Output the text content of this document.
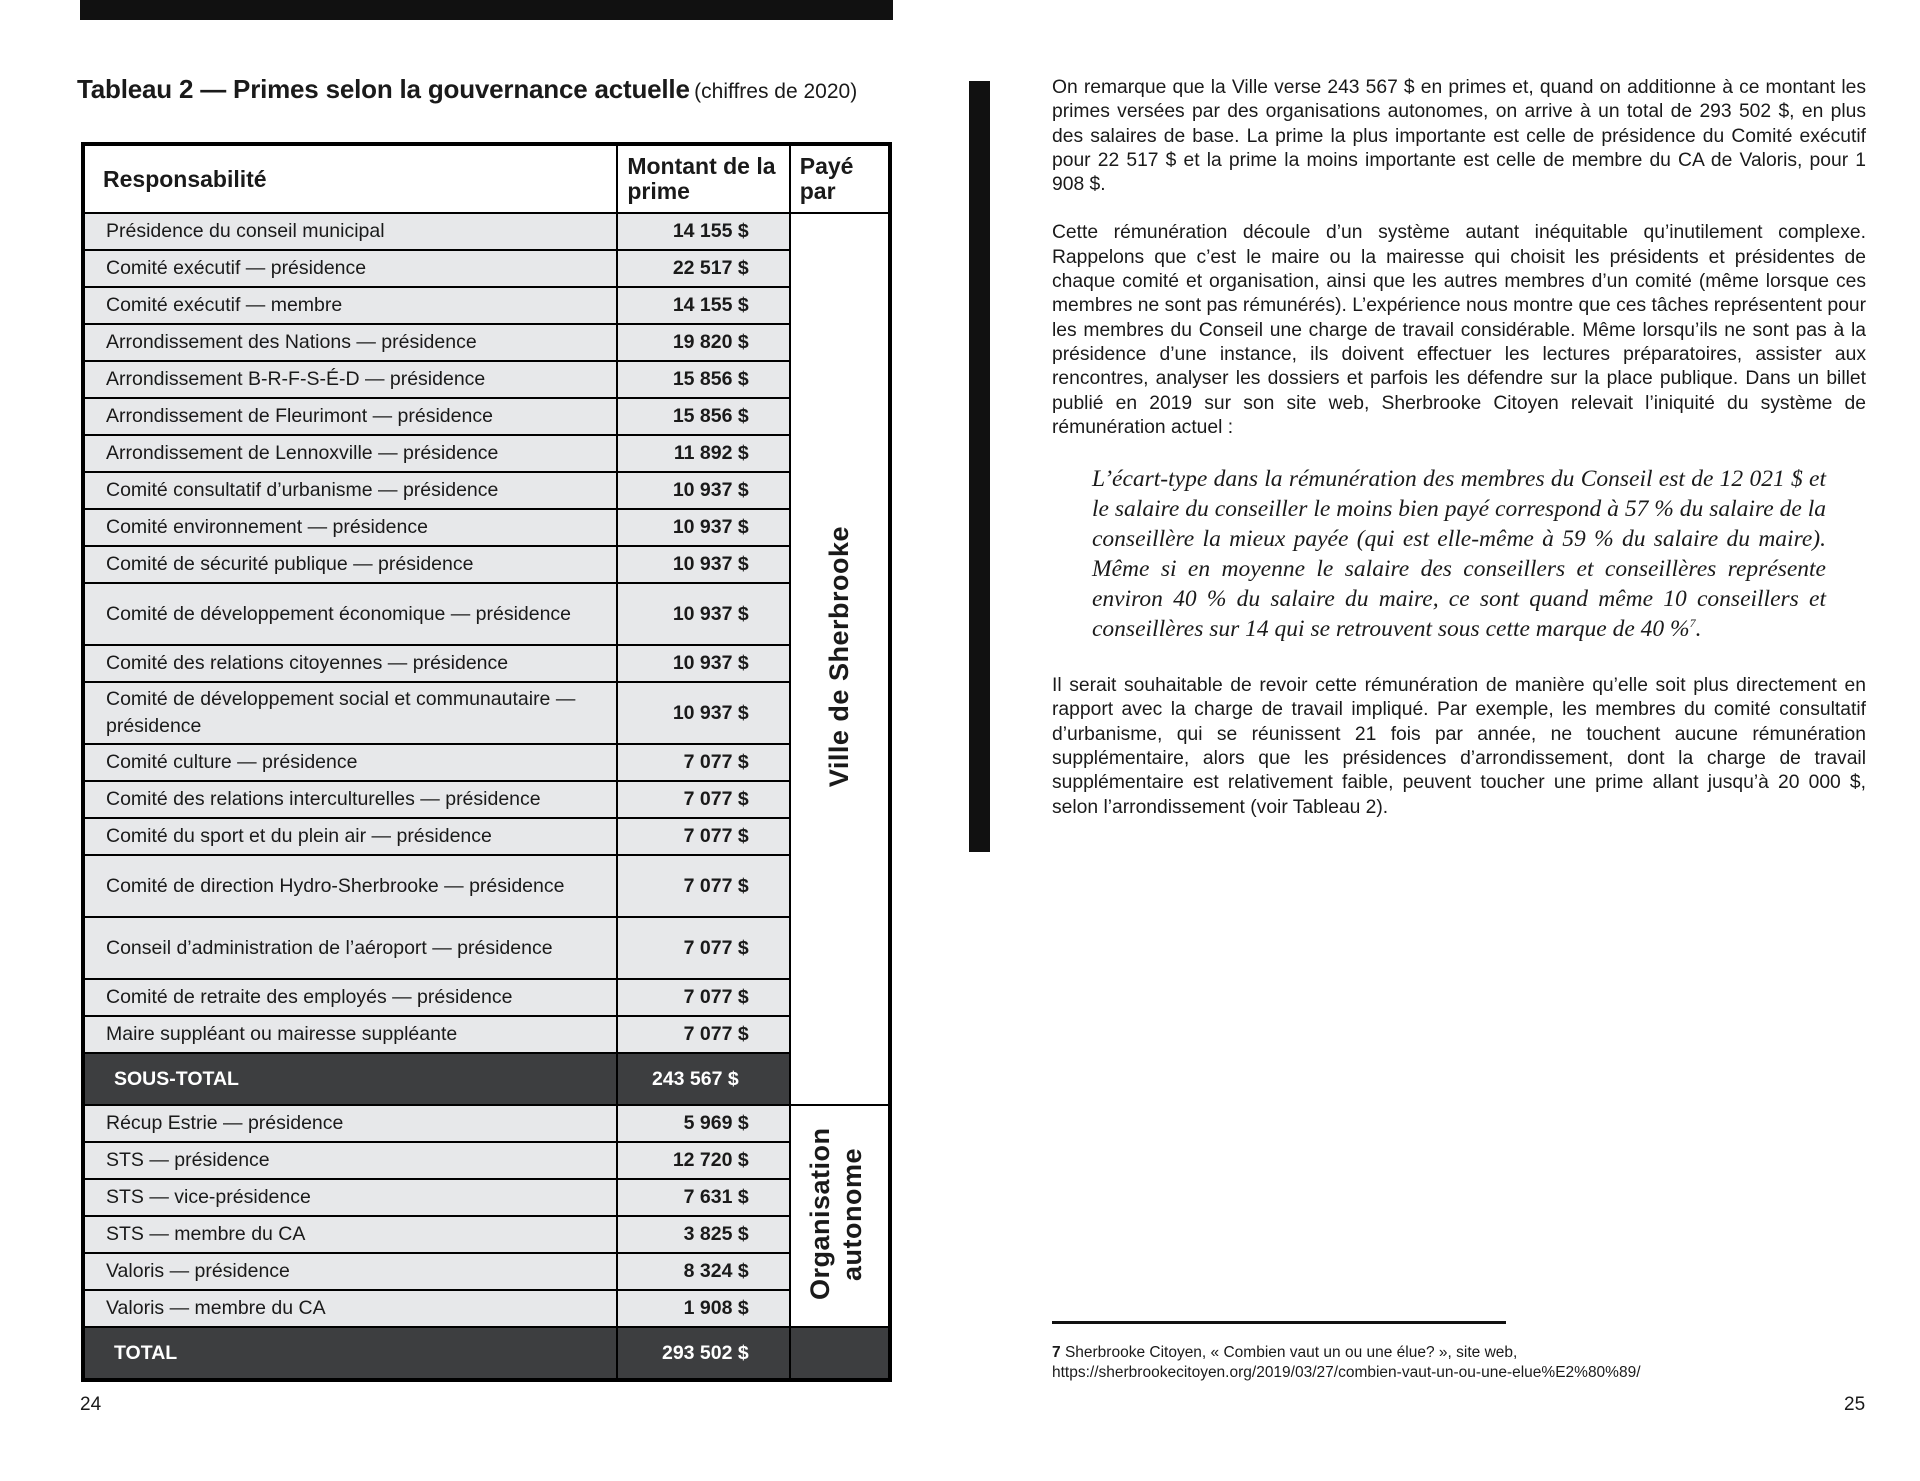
Tableau 2 — Primes selon la gouvernance actuelle (chiffres de 2020)
Responsabilité	Montant de la prime	Payé par
Présidence du conseil municipal	14 155 $	Ville de Sherbrooke
Comité exécutif — présidence	22 517 $	
Comité exécutif — membre	14 155 $	
Arrondissement des Nations — présidence	19 820 $	
Arrondissement B-R-F-S-É-D — présidence	15 856 $	
Arrondissement de Fleurimont — présidence	15 856 $	
Arrondissement de Lennoxville — présidence	11 892 $	
Comité consultatif d’urbanisme — présidence	10 937 $	
Comité environnement — présidence	10 937 $	
Comité de sécurité publique — présidence	10 937 $	
Comité de développement économique — présidence	10 937 $	
Comité des relations citoyennes — présidence	10 937 $	
Comité de développement social et communautaire — présidence	10 937 $	
Comité culture — présidence	7 077 $	
Comité des relations interculturelles — présidence	7 077 $	
Comité du sport et du plein air — présidence	7 077 $	
Comité de direction Hydro-Sherbrooke — présidence	7 077 $	
Conseil d’administration de l’aéroport — présidence	7 077 $	
Comité de retraite des employés — présidence	7 077 $	
Maire suppléant ou mairesse suppléante	7 077 $	
SOUS-TOTAL	243 567 $	
Récup Estrie — présidence	5 969 $	Organisation autonome
STS — présidence	12 720 $	
STS — vice-présidence	7 631 $	
STS — membre du CA	3 825 $	
Valoris — présidence	8 324 $	
Valoris — membre du CA	1 908 $	
TOTAL	293 502 $	
24	25

On remarque que la Ville verse 243 567 $ en primes et, quand on additionne à ce montant les primes versées par des organisations autonomes, on arrive à un total de 293 502 $, en plus des salaires de base. La prime la plus importante est celle de présidence du Comité exécutif pour 22 517 $ et la prime la moins importante est celle de membre du CA de Valoris, pour 1 908 $.

Cette rémunération découle d’un système autant inéquitable qu’inutilement complexe. Rappelons que c’est le maire ou la mairesse qui choisit les présidents et présidentes de chaque comité et organisation, ainsi que les autres membres d’un comité (même lorsque ces membres ne sont pas rémunérés). L’expérience nous montre que ces tâches représentent pour les membres du Conseil une charge de travail considérable. Même lorsqu’ils ne sont pas à la présidence d’une instance, ils doivent effectuer les lectures préparatoires, assister aux rencontres, analyser les dossiers et parfois les défendre sur la place publique. Dans un billet publié en 2019 sur son site web, Sherbrooke Citoyen relevait l’iniquité du système de rémunération actuel :

L’écart-type dans la rémunération des membres du Conseil est de 12 021 $ et le salaire du conseiller le moins bien payé correspond à 57 % du salaire de la conseillère la mieux payée (qui est elle-même à 59 % du salaire du maire). Même si en moyenne le salaire des conseillers et conseillères représente environ 40 % du salaire du maire, ce sont quand même 10 conseillers et conseillères sur 14 qui se retrouvent sous cette marque de 40 %$^7$.

Il serait souhaitable de revoir cette rémunération de manière qu’elle soit plus directement en rapport avec la charge de travail impliqué. Par exemple, les membres du comité consultatif d’urbanisme, qui se réunissent 21 fois par année, ne touchent aucune rémunération supplémentaire, alors que les présidences d’arrondissement, dont la charge de travail supplémentaire est relativement faible, peuvent toucher une prime allant jusqu’à 20 000 $, selon l’arrondissement (voir Tableau 2).

7 Sherbrooke Citoyen, « Combien vaut un ou une élue? », site web,
https://sherbrookecitoyen.org/2019/03/27/combien-vaut-un-ou-une-elue%E2%80%89/
